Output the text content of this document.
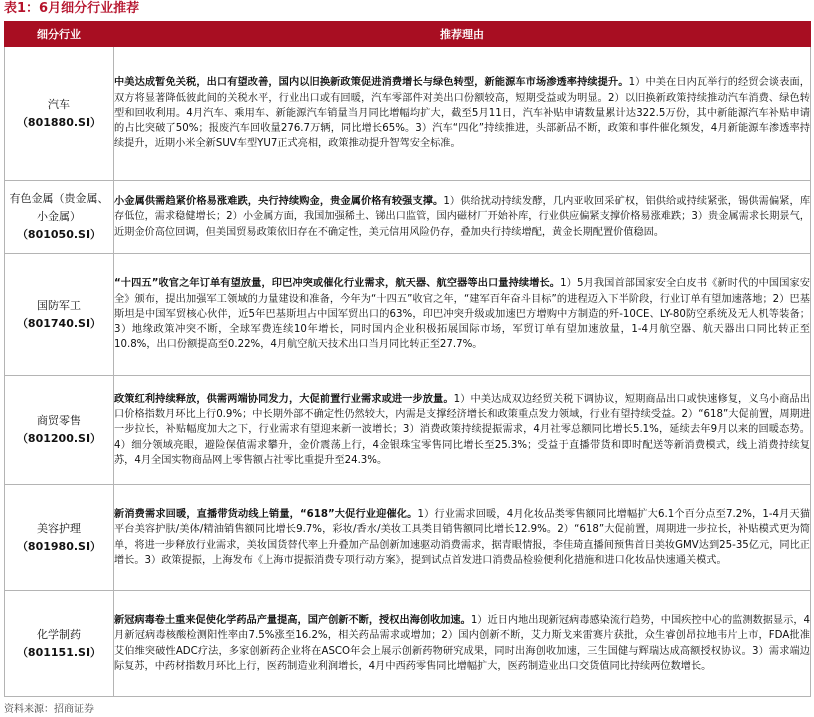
表1：6月细分行业推荐
细分行业	推荐理由

汽车
（801880.SI）	中美达成暂免关税，出口有望改善，国内以旧换新政策促进消费增长与绿色转型，新能源车市场渗透率持续提升。1）中美在日内瓦举行的经贸会谈表面，双方将显著降低彼此间的关税水平，行业出口或有回暖，汽车零部件对美出口份额较高，短期受益或为明显。2）以旧换新政策持续推动汽车消费、绿色转型和回收利用。4月汽车、乘用车、新能源汽车销量当月同比增幅均扩大，截至5月11日，汽车补贴申请数量累计达322.5万份，其中新能源汽车补贴申请的占比突破了50%；报废汽车回收量276.7万辆，同比增长65%。3）汽车“四化”持续推进，头部新品不断，政策和事件催化频发，4月新能源车渗透率持续提升，近期小米全新SUV车型YU7正式亮相，政策推动提升智驾安全标准。

有色金属（贵金属、小金属）
（801050.SI）	小金属供需趋紧价格易涨难跌，央行持续购金，贵金属价格有较强支撑。1）供给扰动持续发酵，几内亚收回采矿权，铝供给或持续紧张，锡供需偏紧，库存低位，需求稳健增长；2）小金属方面，我国加强稀土、锑出口监管，国内磁材厂开始补库，行业供应偏紧支撑价格易涨难跌；3）贵金属需求长期景气，近期金价高位回调，但美国贸易政策依旧存在不确定性，美元信用风险仍存，叠加央行持续增配，黄金长期配置价值稳固。

国防军工
（801740.SI）	“十四五”收官之年订单有望放量，印巴冲突或催化行业需求，航天器、航空器等出口量持续增长。1）5月我国首部国家安全白皮书《新时代的中国国家安全》颁布，提出加强军工领域的力量建设和准备，今年为“十四五”收官之年，“建军百年奋斗目标”的进程迈入下半阶段，行业订单有望加速落地；2）巴基斯坦是中国军贸核心伙伴，近5年巴基斯坦占中国军贸出口的63%，印巴冲突升级或加速巴方增购中方制造的歼-10CE、LY-80防空系统及无人机等装备；3）地缘政策冲突不断，全球军费连续10年增长，同时国内企业积极拓展国际市场，军贸订单有望加速放量，1-4月航空器、航天器出口同比转正至10.8%，出口份额提高至0.22%，4月航空航天技术出口当月同比转正至27.7%。

商贸零售
（801200.SI）	政策红利持续释放，供需两端协同发力，大促前置行业需求或进一步放量。1）中美达成双边经贸关税下调协议，短期商品出口或快速修复，义乌小商品出口价格指数月环比上行0.9%；中长期外部不确定性仍然较大，内需是支撑经济增长和政策重点发力领域，行业有望持续受益。2）“618”大促前置，周期进一步拉长，补贴幅度加大之下，行业需求有望迎来新一波增长；3）消费政策持续提振需求，4月社零总额同比增长5.1%，延续去年9月以来的回暖态势。4）细分领域亮眼，避险保值需求攀升，金价震荡上行，4金银珠宝零售同比增长至25.3%；受益于直播带货和即时配送等新消费模式，线上消费持续复苏，4月全国实物商品网上零售额占社零比重提升至24.3%。

美容护理
（801980.SI）	新消费需求回暖，直播带货动线上销量，“618”大促行业迎催化。1）行业需求回暖，4月化妆品类零售额同比增幅扩大6.1个百分点至7.2%，1-4月天猫平台美容护肤/美体/精油销售额同比增长9.7%，彩妆/香水/美妆工具类目销售额同比增长12.9%。2）“618”大促前置，周期进一步拉长，补贴模式更为简单，将进一步释放行业需求，美妆国货替代率上升叠加产品创新加速驱动消费需求，据青眼情报，李佳琦直播间预售首日美妆GMV达到25-35亿元，同比正增长。3）政策提振，上海发布《上海市提振消费专项行动方案》，提到试点首发进口消费品检验便利化措施和进口化妆品快速通关模式。

化学制药
（801151.SI）	新冠病毒卷土重来促使化学药品产量提高，国产创新不断，授权出海创收加速。1）近日内地出现新冠病毒感染流行趋势，中国疾控中心的监测数据显示，4月新冠病毒核酸检测阳性率由7.5%涨至16.2%，相关药品需求或增加；2）国内创新不断，艾力斯戈来雷赛片获批，众生睿创昂拉地韦片上市，FDA批准艾伯维突破性ADC疗法，多家创新药企业将在ASCO年会上展示创新药物研究成果，同时出海创收加速，三生国健与辉瑞达成高额授权协议。3）需求端边际复苏，中药材指数月环比上行，医药制造业利润增长，4月中西药零售同比增幅扩大，医药制造业出口交货值同比持续两位数增长。
资料来源：招商证券
